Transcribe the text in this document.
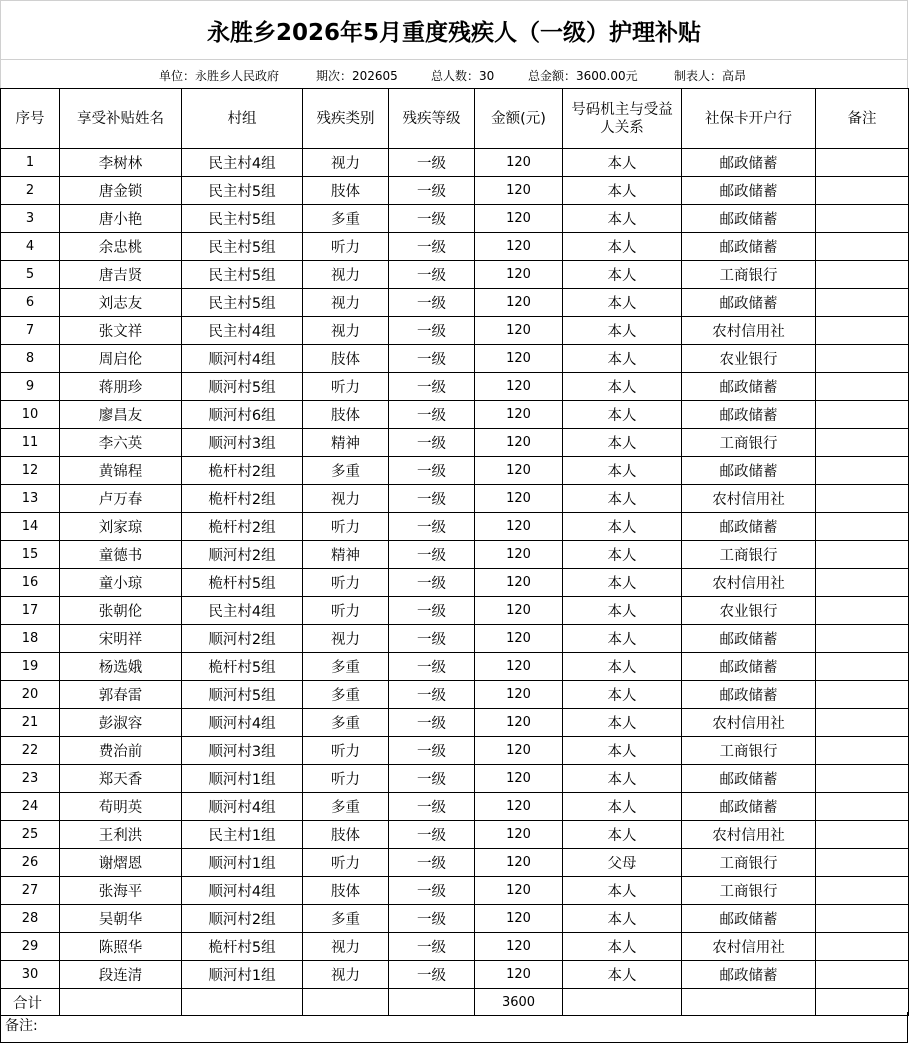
永胜乡2026年5月重度残疾人（一级）护理补贴
单位：永胜乡人民政府	期次：202605	总人数：30	总金额：3600.00元	制表人：高昂
序号	享受补贴姓名	村组	残疾类别	残疾等级	金额(元)	号码机主与受益人关系	社保卡开户行	备注
1	李树林	民主村4组	视力	一级	120	本人	邮政储蓄	
2	唐金锁	民主村5组	肢体	一级	120	本人	邮政储蓄	
3	唐小艳	民主村5组	多重	一级	120	本人	邮政储蓄	
4	余忠桃	民主村5组	听力	一级	120	本人	邮政储蓄	
5	唐吉贤	民主村5组	视力	一级	120	本人	工商银行	
6	刘志友	民主村5组	视力	一级	120	本人	邮政储蓄	
7	张文祥	民主村4组	视力	一级	120	本人	农村信用社	
8	周启伦	顺河村4组	肢体	一级	120	本人	农业银行	
9	蒋朋珍	顺河村5组	听力	一级	120	本人	邮政储蓄	
10	廖昌友	顺河村6组	肢体	一级	120	本人	邮政储蓄	
11	李六英	顺河村3组	精神	一级	120	本人	工商银行	
12	黄锦程	桅杆村2组	多重	一级	120	本人	邮政储蓄	
13	卢万春	桅杆村2组	视力	一级	120	本人	农村信用社	
14	刘家琼	桅杆村2组	听力	一级	120	本人	邮政储蓄	
15	童德书	顺河村2组	精神	一级	120	本人	工商银行	
16	童小琼	桅杆村5组	听力	一级	120	本人	农村信用社	
17	张朝伦	民主村4组	听力	一级	120	本人	农业银行	
18	宋明祥	顺河村2组	视力	一级	120	本人	邮政储蓄	
19	杨选娥	桅杆村5组	多重	一级	120	本人	邮政储蓄	
20	郭春雷	顺河村5组	多重	一级	120	本人	邮政储蓄	
21	彭淑容	顺河村4组	多重	一级	120	本人	农村信用社	
22	费治前	顺河村3组	听力	一级	120	本人	工商银行	
23	郑天香	顺河村1组	听力	一级	120	本人	邮政储蓄	
24	苟明英	顺河村4组	多重	一级	120	本人	邮政储蓄	
25	王利洪	民主村1组	肢体	一级	120	本人	农村信用社	
26	谢熠恩	顺河村1组	听力	一级	120	父母	工商银行	
27	张海平	顺河村4组	肢体	一级	120	本人	工商银行	
28	吴朝华	顺河村2组	多重	一级	120	本人	邮政储蓄	
29	陈照华	桅杆村5组	视力	一级	120	本人	农村信用社	
30	段连清	顺河村1组	视力	一级	120	本人	邮政储蓄	
合计					3600			
备注:
